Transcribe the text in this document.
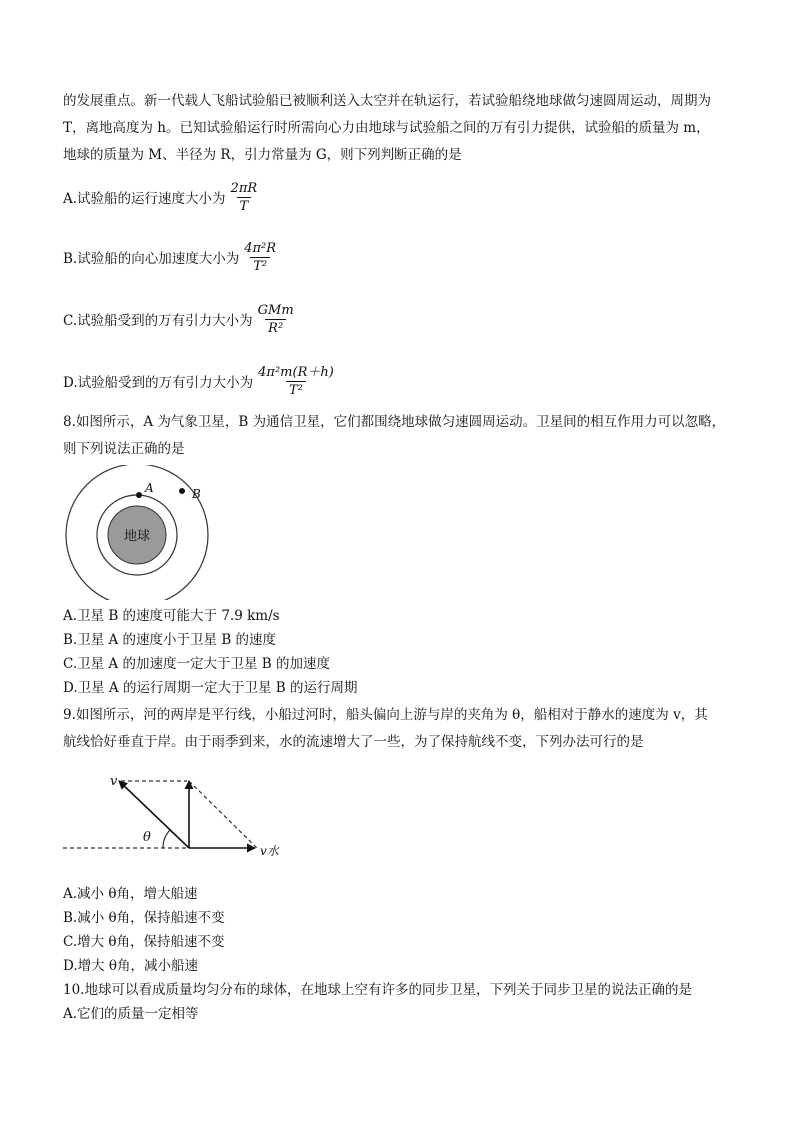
的发展重点。新一代载人飞船试验船已被顺利送入太空并在轨运行，若试验船绕地球做匀速圆周运动，周期为

T，离地高度为 h。已知试验船运行时所需向心力由地球与试验船之间的万有引力提供，试验船的质量为 m，

地球的质量为 M、半径为 R，引力常量为 G，则下列判断正确的是

A.试验船的运行速度大小为 $\frac{2\pi R}{T}$
B.试验船的向心加速度大小为 $\frac{\text{4π²R}}{\text{T²}}$
C.试验船受到的万有引力大小为 $\frac{\text{GMm}}{\text{R²}}$
D.试验船受到的万有引力大小为 $\frac{\text{4π²m(R＋h)}}{\text{T²}}$

8.如图所示，A 为气象卫星，B 为通信卫星，它们都围绕地球做匀速圆周运动。卫星间的相互作用力可以忽略，

则下列说法正确的是

地球
A	B

A.卫星 B 的速度可能大于 7.9 km/s

B.卫星 A 的速度小于卫星 B 的速度

C.卫星 A 的加速度一定大于卫星 B 的加速度

D.卫星 A 的运行周期一定大于卫星 B 的运行周期

9.如图所示，河的两岸是平行线，小船过河时，船头偏向上游与岸的夹角为 θ，船相对于静水的速度为 v，其

航线恰好垂直于岸。由于雨季到来，水的流速增大了一些，为了保持航线不变，下列办法可行的是

v
θ
v水

A.减小 θ角，增大船速

B.减小 θ角，保持船速不变

C.增大 θ角，保持船速不变

D.增大 θ角，减小船速

10.地球可以看成质量均匀分布的球体，在地球上空有许多的同步卫星，下列关于同步卫星的说法正确的是

A.它们的质量一定相等
